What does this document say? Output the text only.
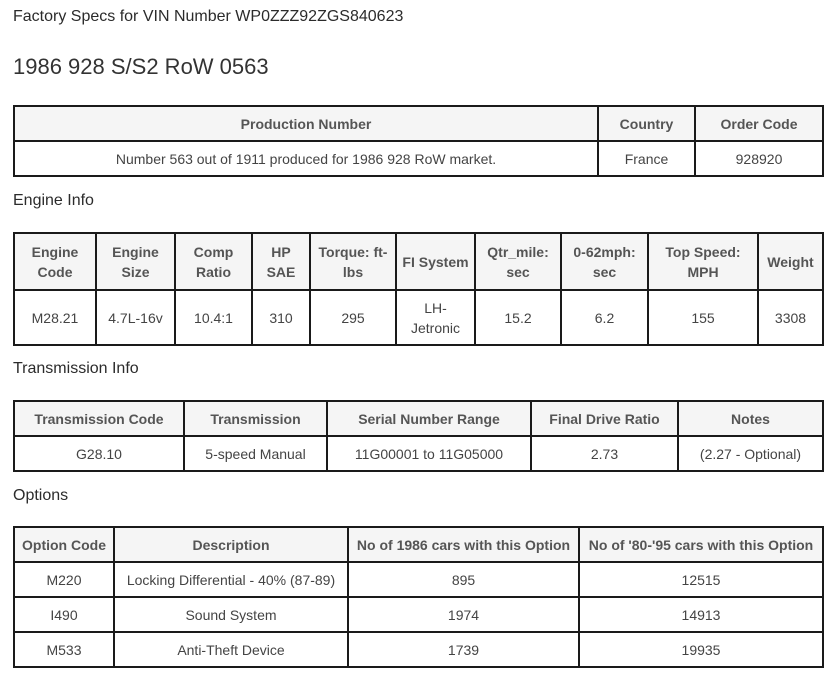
Factory Specs for VIN Number WP0ZZZ92ZGS840623
1986 928 S/S2 RoW 0563
Production Number	Country	Order Code
Number 563 out of 1911 produced for 1986 928 RoW market.	France	928920
Engine Info
Engine Code	Engine Size	Comp Ratio	HP SAE	Torque: ft-lbs	FI System	Qtr_mile: sec	0-62mph: sec	Top Speed: MPH	Weight
M28.21	4.7L-16v	10.4:1	310	295	LH-Jetronic	15.2	6.2	155	3308
Transmission Info
Transmission Code	Transmission	Serial Number Range	Final Drive Ratio	Notes
G28.10	5-speed Manual	11G00001 to 11G05000	2.73	(2.27 - Optional)
Options
Option Code	Description	No of 1986 cars with this Option	No of '80-'95 cars with this Option
M220	Locking Differential - 40% (87-89)	895	12515
I490	Sound System	1974	14913
M533	Anti-Theft Device	1739	19935
